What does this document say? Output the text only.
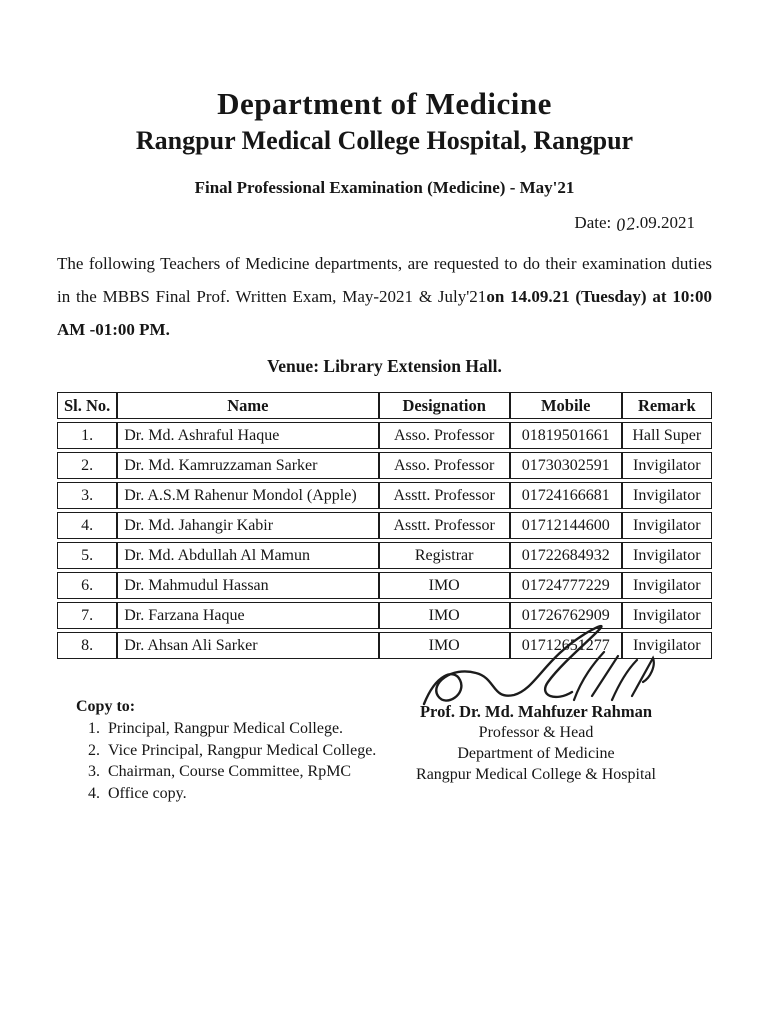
Department of Medicine
Rangpur Medical College Hospital, Rangpur
Final Professional Examination (Medicine) - May'21
Date: 02.09.2021

The following Teachers of Medicine departments, are requested to do their examination duties in the MBBS Final Prof. Written Exam, May-2021 & July'21on 14.09.21 (Tuesday) at 10:00 AM -01:00 PM.

Venue: Library Extension Hall.
Sl. No.	Name	Designation	Mobile	Remark
1.	Dr. Md. Ashraful Haque	Asso. Professor	01819501661	Hall Super
2.	Dr. Md. Kamruzzaman Sarker	Asso. Professor	01730302591	Invigilator
3.	Dr. A.S.M Rahenur Mondol (Apple)	Asstt. Professor	01724166681	Invigilator
4.	Dr. Md. Jahangir Kabir	Asstt. Professor	01712144600	Invigilator
5.	Dr. Md. Abdullah Al Mamun	Registrar	01722684932	Invigilator
6.	Dr. Mahmudul Hassan	IMO	01724777229	Invigilator
7.	Dr. Farzana Haque	IMO	01726762909	Invigilator
8.	Dr. Ahsan Ali Sarker	IMO	01712651277	Invigilator

Prof. Dr. Md. Mahfuzer Rahman

Professor & Head

Department of Medicine

Rangpur Medical College & Hospital

Copy to:

1. Principal, Rangpur Medical College.
2. Vice Principal, Rangpur Medical College.
3. Chairman, Course Committee, RpMC
4. Office copy.
